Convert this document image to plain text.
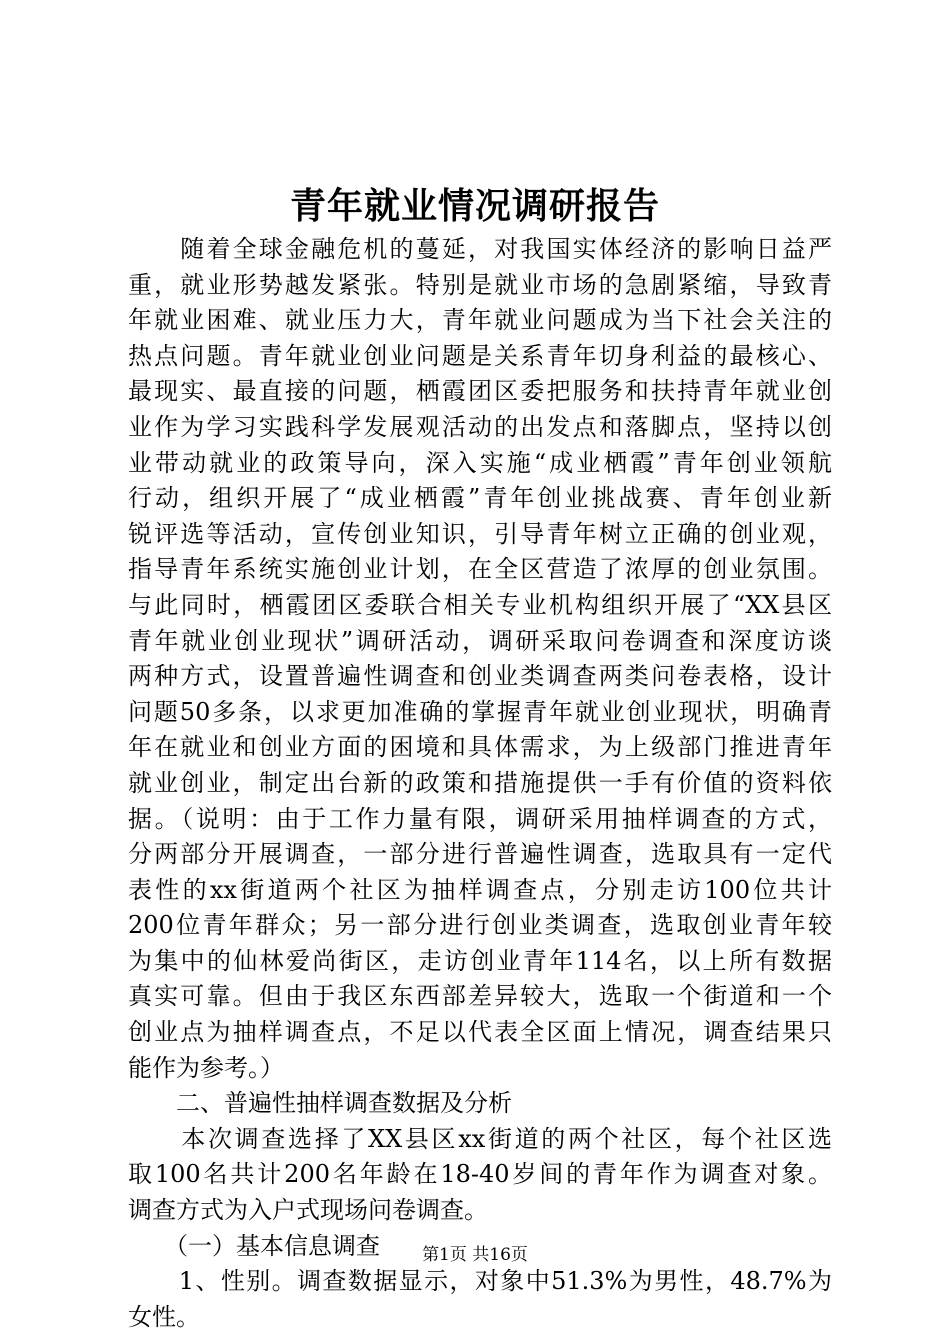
青年就业情况调研报告
　　随着全球金融危机的蔓延，对我国实体经济的影响日益严
重，就业形势越发紧张。特别是就业市场的急剧紧缩，导致青
年就业困难、就业压力大，青年就业问题成为当下社会关注的
热点问题。青年就业创业问题是关系青年切身利益的最核心、
最现实、最直接的问题，栖霞团区委把服务和扶持青年就业创
业作为学习实践科学发展观活动的出发点和落脚点，坚持以创
业带动就业的政策导向，深入实施“成业栖霞”青年创业领航
行动，组织开展了“成业栖霞”青年创业挑战赛、青年创业新
锐评选等活动，宣传创业知识，引导青年树立正确的创业观，
指导青年系统实施创业计划，在全区营造了浓厚的创业氛围。
与此同时，栖霞团区委联合相关专业机构组织开展了“XX县区
青年就业创业现状”调研活动，调研采取问卷调查和深度访谈
两种方式，设置普遍性调查和创业类调查两类问卷表格，设计
问题50多条，以求更加准确的掌握青年就业创业现状，明确青
年在就业和创业方面的困境和具体需求，为上级部门推进青年
就业创业，制定出台新的政策和措施提供一手有价值的资料依
据。（说明：由于工作力量有限，调研采用抽样调查的方式，
分两部分开展调查，一部分进行普遍性调查，选取具有一定代
表性的xx街道两个社区为抽样调查点，分别走访100位共计
200位青年群众；另一部分进行创业类调查，选取创业青年较
为集中的仙林爱尚街区，走访创业青年114名，以上所有数据
真实可靠。但由于我区东西部差异较大，选取一个街道和一个
创业点为抽样调查点，不足以代表全区面上情况，调查结果只
能作为参考。）
　　二、普遍性抽样调查数据及分析
　　本次调查选择了XX县区xx街道的两个社区，每个社区选
取100名共计200名年龄在18-40岁间的青年作为调查对象。
调查方式为入户式现场问卷调查。
　　（一）基本信息调查
　　1、性别。调查数据显示，对象中51.3%为男性，48.7%为
女性。
第1页 共16页
